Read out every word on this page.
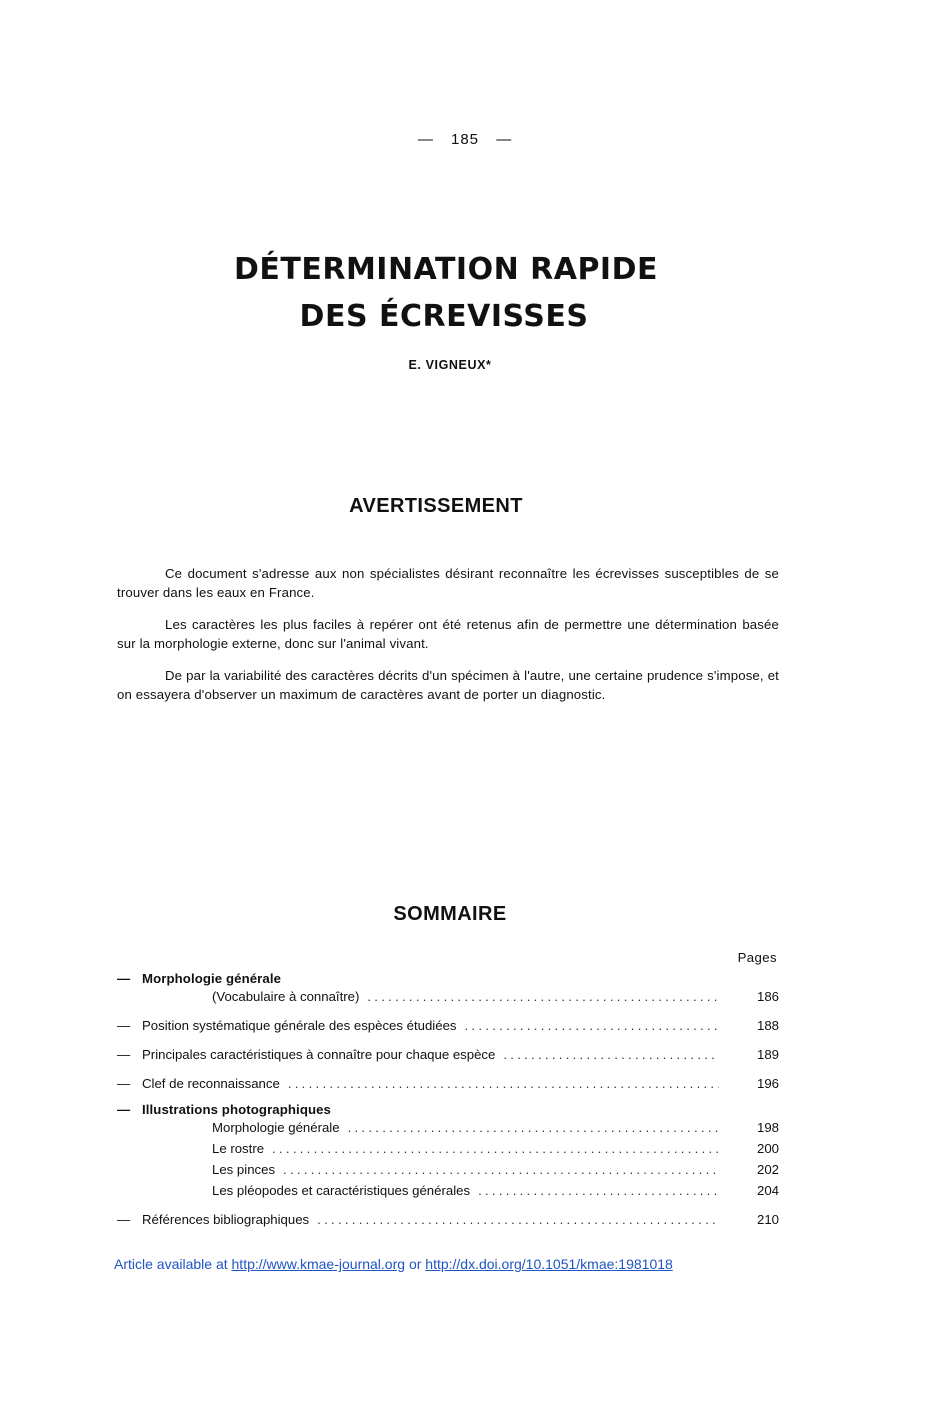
— 185 —
DÉTERMINATION RAPIDE
DES ÉCREVISSES
E. VIGNEUX*
AVERTISSEMENT

Ce document s'adresse aux non spécialistes désirant reconnaître les écrevisses susceptibles de se trouver dans les eaux en France.

Les caractères les plus faciles à repérer ont été retenus afin de permettre une détermination basée sur la morphologie externe, donc sur l'animal vivant.

De par la variabilité des caractères décrits d'un spécimen à l'autre, une certaine prudence s'impose, et on essayera d'observer un maximum de caractères avant de porter un diagnostic.

SOMMAIRE
Pages
— Morphologie générale
(Vocabulaire à connaître) . . .	186
— Position systématique générale des espèces étudiées . . .	188
— Principales caractéristiques à connaître pour chaque espèce . . .	189
— Clef de reconnaissance . . .	196
— Illustrations photographiques
Morphologie générale . . .	198
Le rostre . . .	200
Les pinces . . .	202
Les pléopodes et caractéristiques générales . . .	204
— Références bibliographiques . . .	210
Article available at http://www.kmae-journal.org or http://dx.doi.org/10.1051/kmae:1981018
